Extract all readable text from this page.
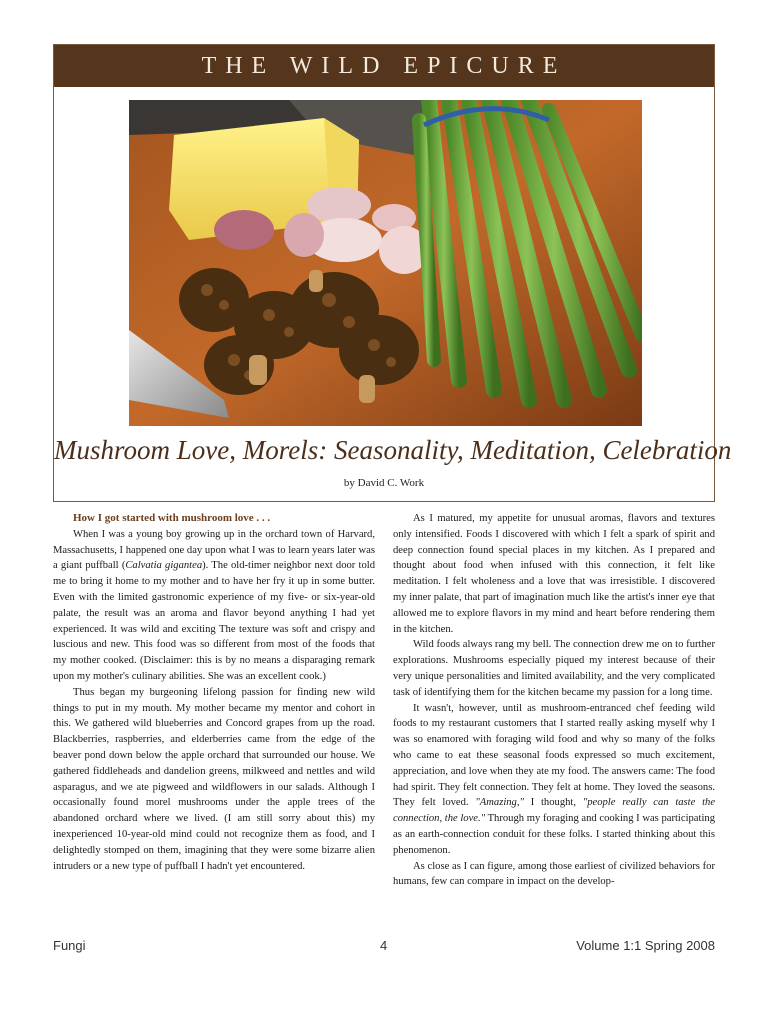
THE WILD EPICURE
Mushroom Love, Morels: Seasonality, Meditation, Celebration
by David C. Work

How I got started with mushroom love . . .

When I was a young boy growing up in the orchard town of Harvard, Massachusetts, I happened one day upon what I was to learn years later was a giant puffball (Calvatia gigantea). The old-timer neighbor next door told me to bring it home to my mother and to have her fry it up in some butter. Even with the limited gastronomic experience of my five- or six-year-old palate, the result was an aroma and flavor beyond anything I had yet experienced. It was wild and exciting The texture was soft and crispy and luscious and new. This food was so different from most of the foods that my mother cooked. (Disclaimer: this is by no means a disparaging remark upon my mother's culinary abilities. She was an excellent cook.)

Thus began my burgeoning lifelong passion for finding new wild things to put in my mouth. My mother became my mentor and cohort in this. We gathered wild blueberries and Concord grapes from up the road. Blackberries, raspberries, and elderberries came from the edge of the beaver pond down below the apple orchard that surrounded our house. We gathered fiddleheads and dandelion greens, milkweed and nettles and wild asparagus, and we ate pigweed and wildflowers in our salads. Although I occasionally found morel mushrooms under the apple trees of the abandoned orchard where we lived. (I am still sorry about this) my inexperienced 10-year-old mind could not recognize them as food, and I delightedly stomped on them, imagining that they were some bizarre alien intruders or a new type of puffball I hadn't yet encountered.

As I matured, my appetite for unusual aromas, flavors and textures only intensified. Foods I discovered with which I felt a spark of spirit and deep connection found special places in my kitchen. As I prepared and thought about food when infused with this connection, it felt like meditation. I felt wholeness and a love that was irresistible. I discovered my inner palate, that part of imagination much like the artist's inner eye that allowed me to explore flavors in my mind and heart before rendering them in the kitchen.

Wild foods always rang my bell. The connection drew me on to further explorations. Mushrooms especially piqued my interest because of their very unique personalities and limited availability, and the very complicated task of identifying them for the kitchen became my passion for a long time.

It wasn't, however, until as mushroom-entranced chef feeding wild foods to my restaurant customers that I started really asking myself why I was so enamored with foraging wild food and why so many of the folks who came to eat these seasonal foods expressed so much excitement, appreciation, and love when they ate my food. The answers came: The food had spirit. They felt connection. They felt at home. They loved the seasons. They felt loved. "Amazing," I thought, "people really can taste the connection, the love." Through my foraging and cooking I was participating as an earth-connection conduit for these folks. I started thinking about this phenomenon.

As close as I can figure, among those earliest of civilized behaviors for humans, few can compare in impact on the develop-

Fungi	4	Volume 1:1 Spring 2008
